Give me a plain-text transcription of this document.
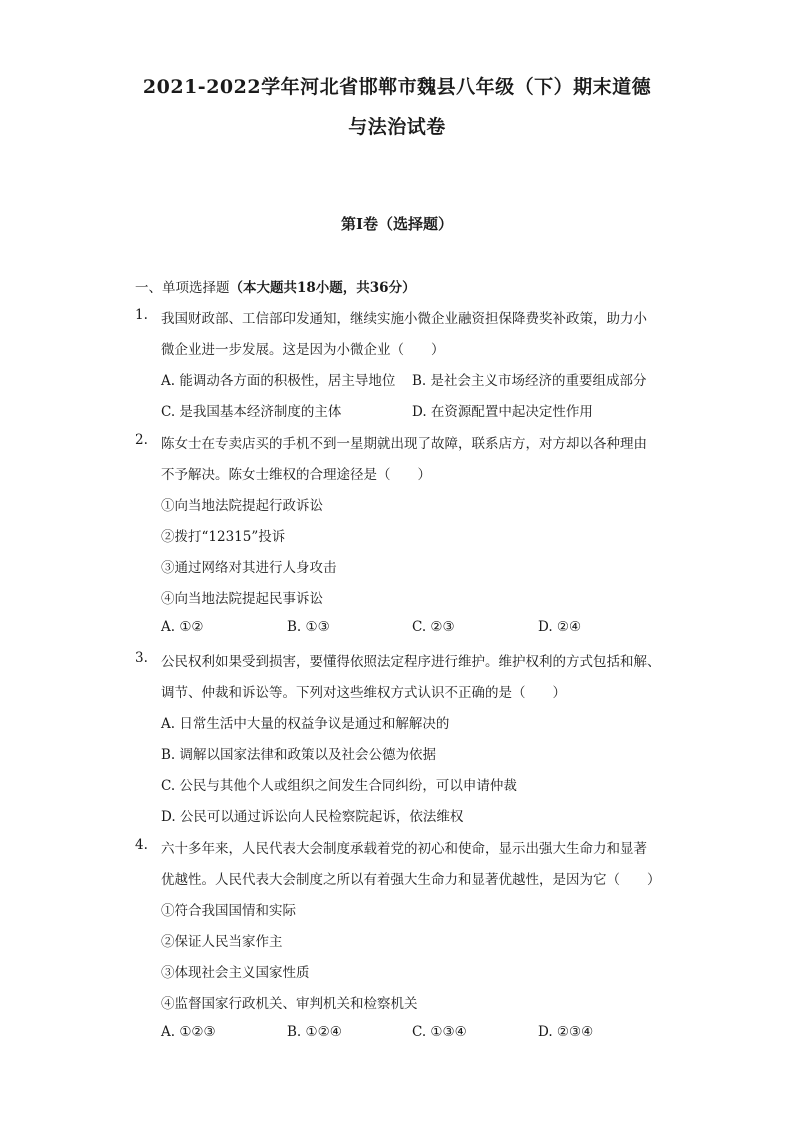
2021-2022学年河北省邯郸市魏县八年级（下）期末道德
与法治试卷
第I卷（选择题）
一、单项选择题（本大题共18小题，共36分）
1. 我国财政部、工信部印发通知，继续实施小微企业融资担保降费奖补政策，助力小
微企业进一步发展。这是因为小微企业（　　）
A. 能调动各方面的积极性，居主导地位 B. 是社会主义市场经济的重要组成部分
C. 是我国基本经济制度的主体	D. 在资源配置中起决定性作用
2. 陈女士在专卖店买的手机不到一星期就出现了故障，联系店方，对方却以各种理由
不予解决。陈女士维权的合理途径是（　　）
①向当地法院提起行政诉讼
②拨打“12315”投诉
③通过网络对其进行人身攻击
④向当地法院提起民事诉讼
A. ①②	B. ①③	C. ②③	D. ②④
3. 公民权利如果受到损害，要懂得依照法定程序进行维护。维护权利的方式包括和解、
调节、仲裁和诉讼等。下列对这些维权方式认识不正确的是（　　）
A. 日常生活中大量的权益争议是通过和解解决的
B. 调解以国家法律和政策以及社会公德为依据
C. 公民与其他个人或组织之间发生合同纠纷，可以申请仲裁
D. 公民可以通过诉讼向人民检察院起诉，依法维权
4. 六十多年来，人民代表大会制度承载着党的初心和使命，显示出强大生命力和显著
优越性。人民代表大会制度之所以有着强大生命力和显著优越性，是因为它（　　）
①符合我国国情和实际
②保证人民当家作主
③体现社会主义国家性质
④监督国家行政机关、审判机关和检察机关
A. ①②③	B. ①②④	C. ①③④	D. ②③④
